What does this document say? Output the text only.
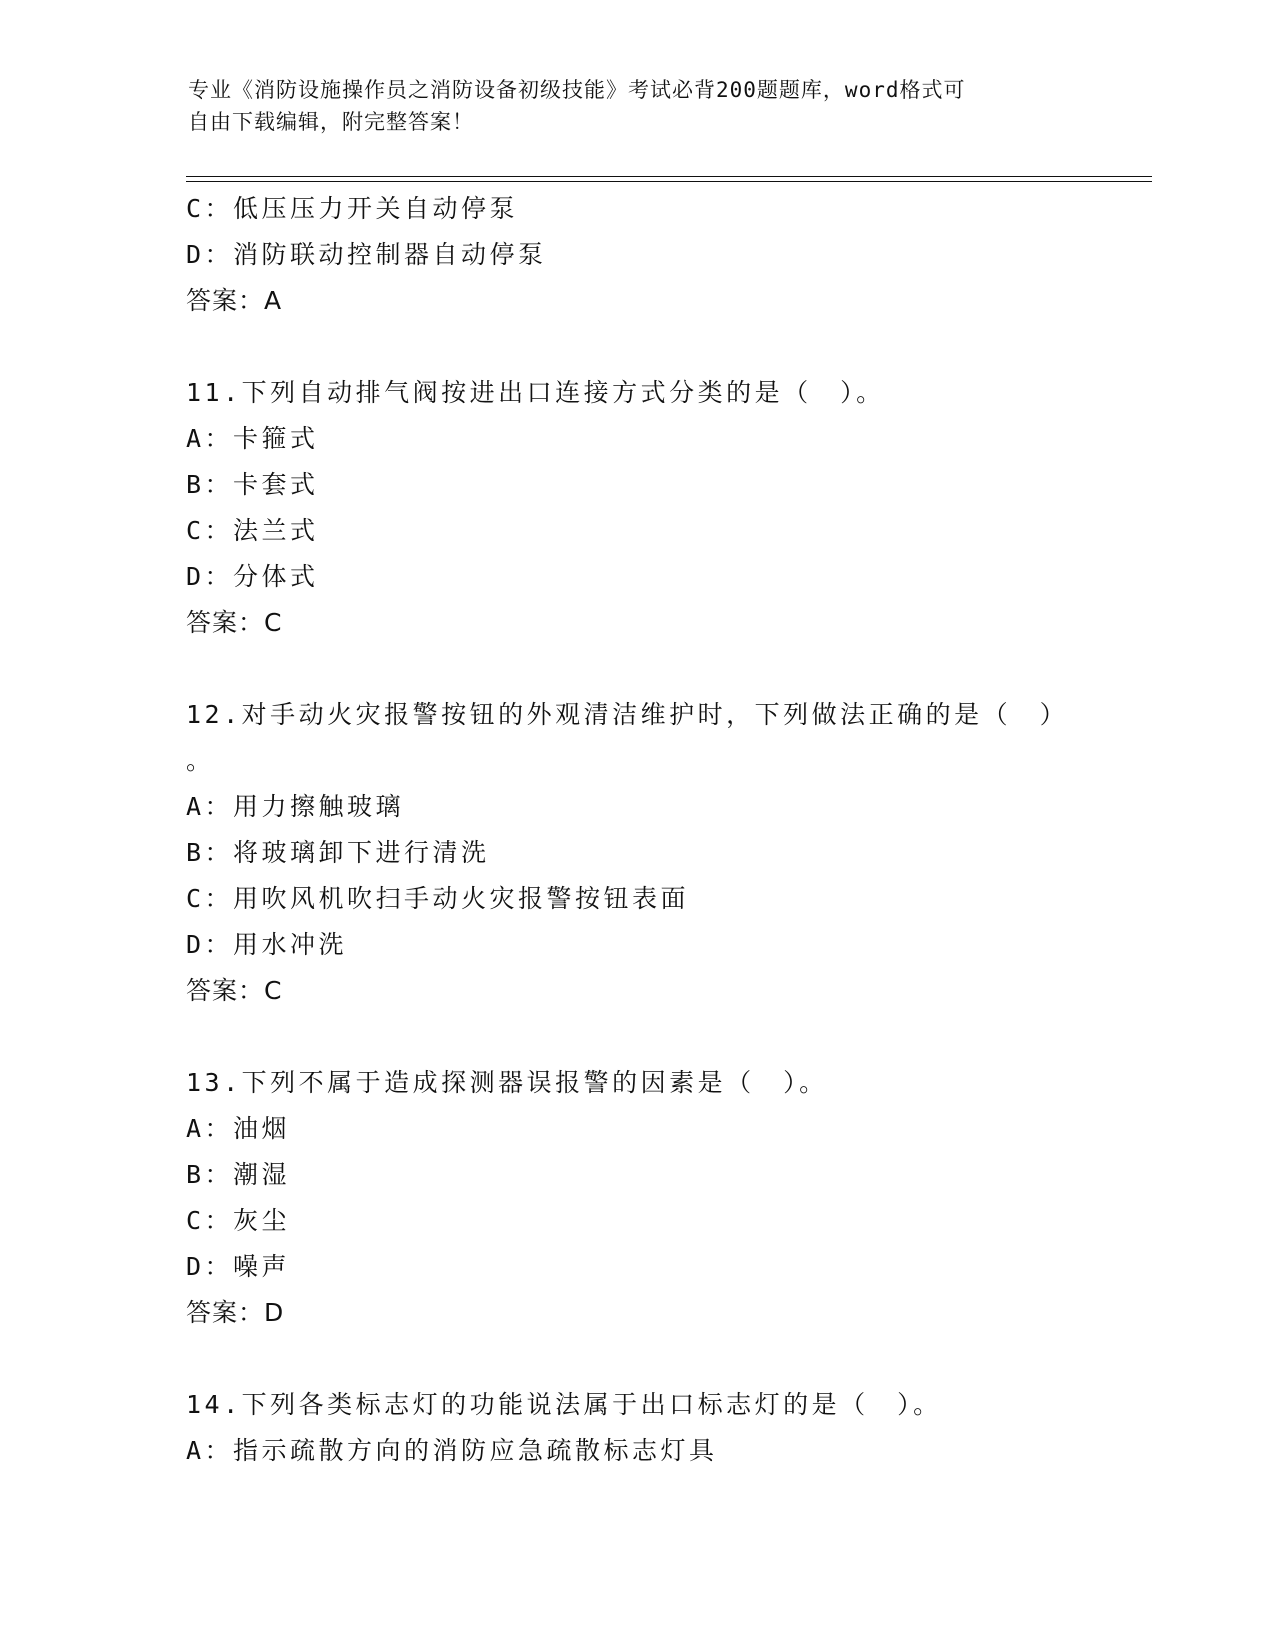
专业《消防设施操作员之消防设备初级技能》考试必背200题题库，word格式可
自由下载编辑，附完整答案！
C：低压压力开关自动停泵
D：消防联动控制器自动停泵
答案：A
11.下列自动排气阀按进出口连接方式分类的是（　）。
A：卡箍式
B：卡套式
C：法兰式
D：分体式
答案：C
12.对手动火灾报警按钮的外观清洁维护时，下列做法正确的是（　）
。
A：用力擦触玻璃
B：将玻璃卸下进行清洗
C：用吹风机吹扫手动火灾报警按钮表面
D：用水冲洗
答案：C
13.下列不属于造成探测器误报警的因素是（　）。
A：油烟
B：潮湿
C：灰尘
D：噪声
答案：D
14.下列各类标志灯的功能说法属于出口标志灯的是（　）。
A：指示疏散方向的消防应急疏散标志灯具
